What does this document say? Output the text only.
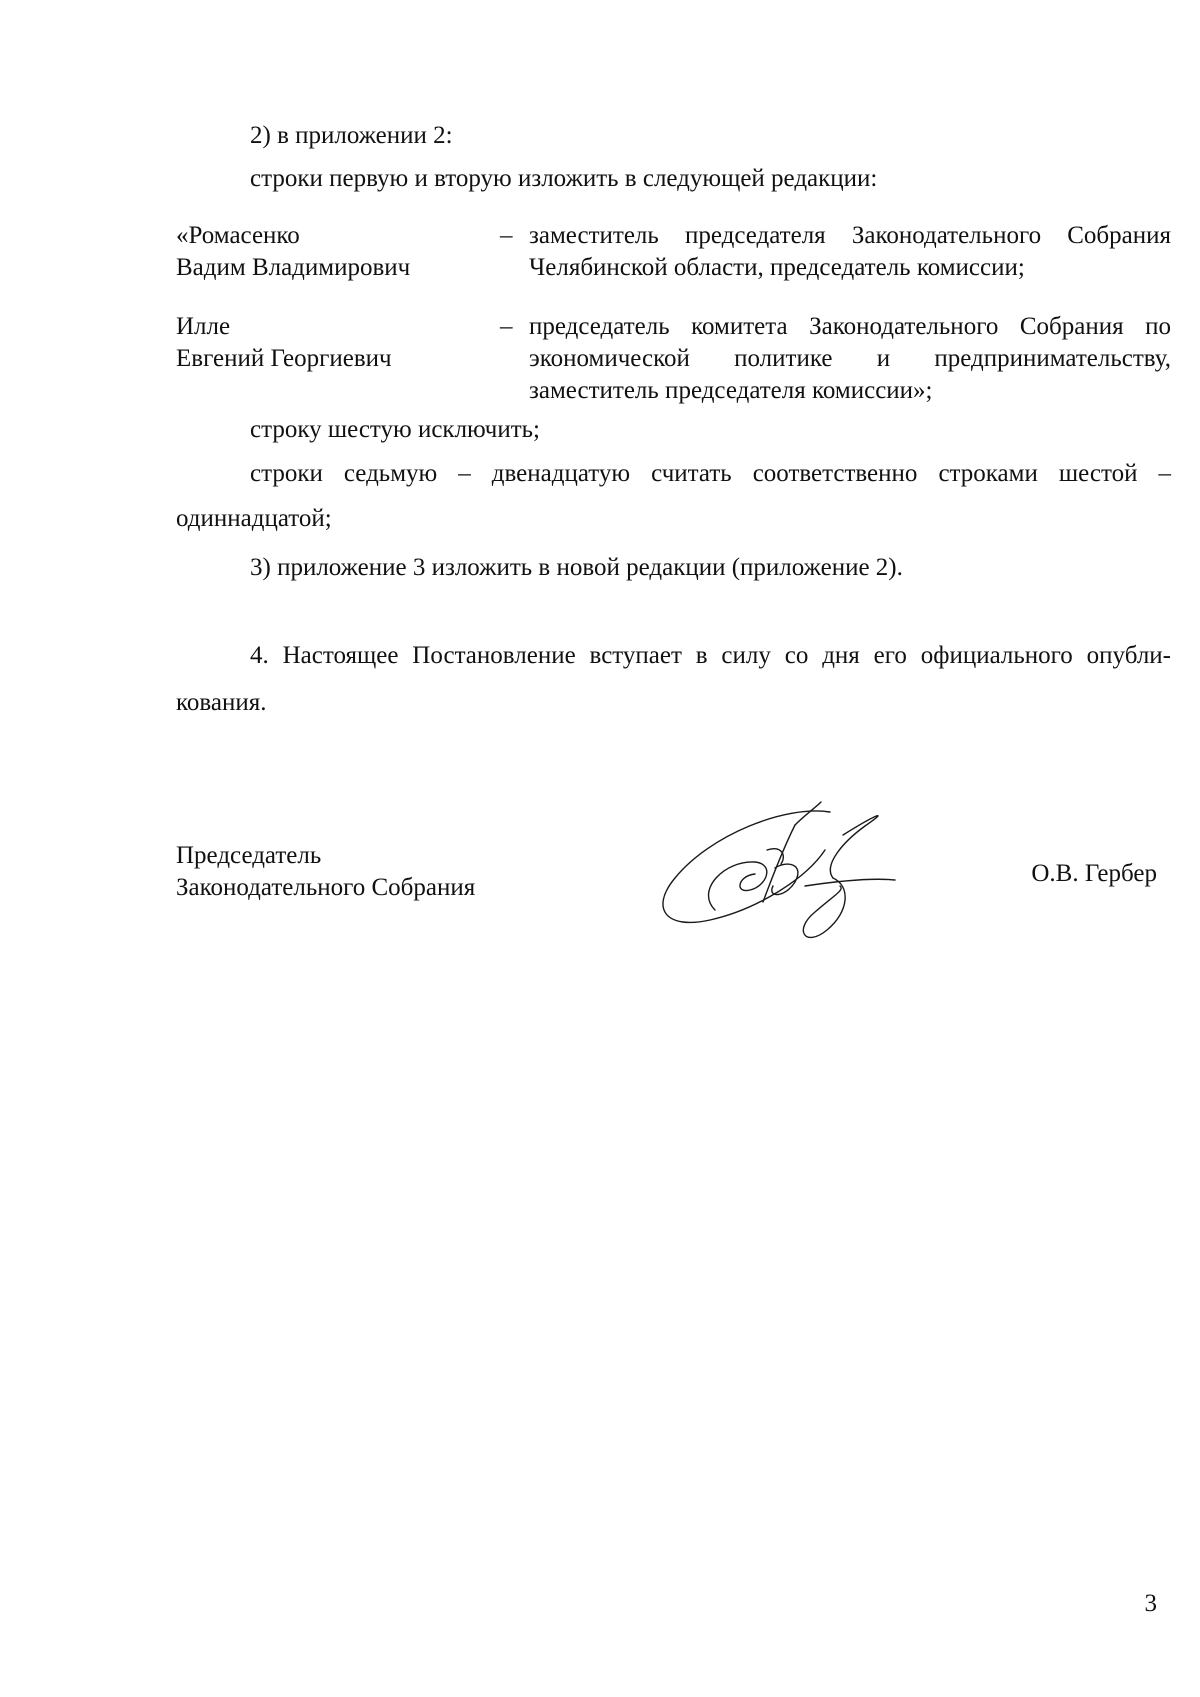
2) в приложении 2:
строки первую и вторую изложить в следующей редакции:
«Ромасенко
Вадим Владимирович
– заместитель председателя Законодательного Собрания Челябинской области, председатель комиссии;
Илле
Евгений Георгиевич
– председатель комитета Законодательного Собрания по экономической политике и предпринимательству, заместитель председателя комиссии»;
строку шестую исключить;
строки седьмую – двенадцатую считать соответственно строками шестой –
одиннадцатой;
3) приложение 3 изложить в новой редакции (приложение 2).
4. Настоящее Постановление вступает в силу со дня его официального опубли-
кования.
Председатель
Законодательного Собрания
О.В. Гербер
3
